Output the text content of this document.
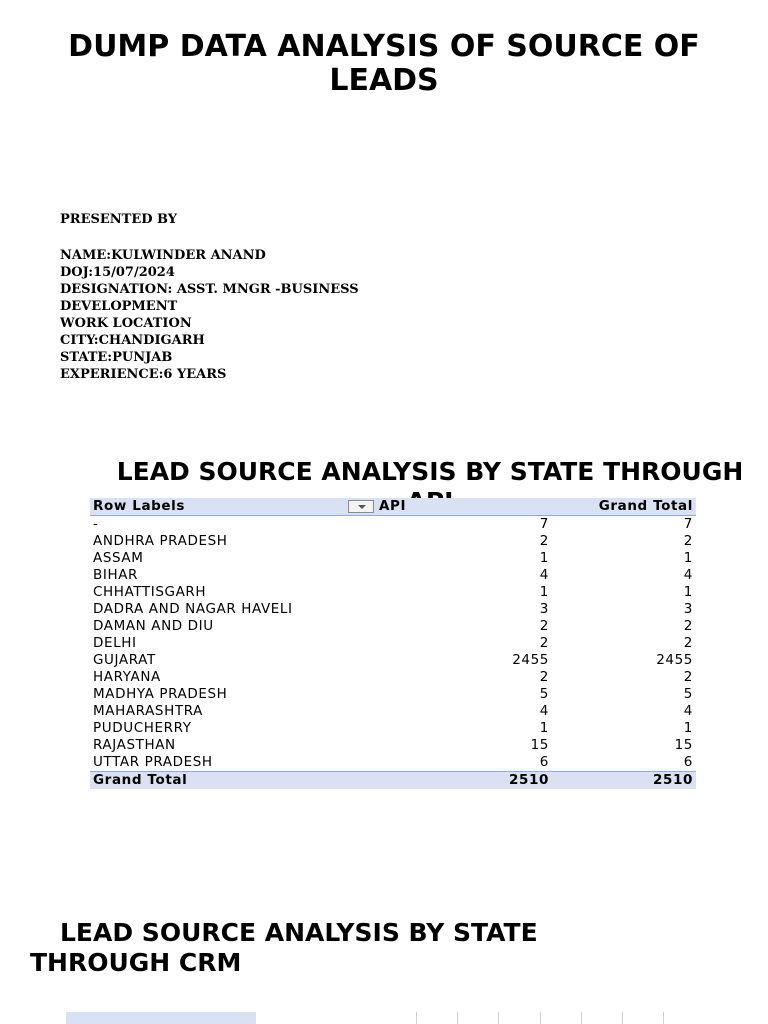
DUMP DATA ANALYSIS OF SOURCE OF LEADS
PRESENTED BY
NAME:KULWINDER ANAND
DOJ:15/07/2024
DESIGNATION: ASST. MNGR -BUSINESS DEVELOPMENT
WORK LOCATION
CITY:CHANDIGARH
STATE:PUNJAB
EXPERIENCE:6 YEARS
LEAD SOURCE ANALYSIS BY STATE THROUGH
Row Labels	API	Grand Total
-	7	7
ANDHRA PRADESH	2	2
ASSAM	1	1
BIHAR	4	4
CHHATTISGARH	1	1
DADRA AND NAGAR HAVELI	3	3
DAMAN AND DIU	2	2
DELHI	2	2
GUJARAT	2455	2455
HARYANA	2	2
MADHYA PRADESH	5	5
MAHARASHTRA	4	4
PUDUCHERRY	1	1
RAJASTHAN	15	15
UTTAR PRADESH	6	6
Grand Total	2510	2510
LEAD SOURCE ANALYSIS BY STATE
THROUGH CRM
